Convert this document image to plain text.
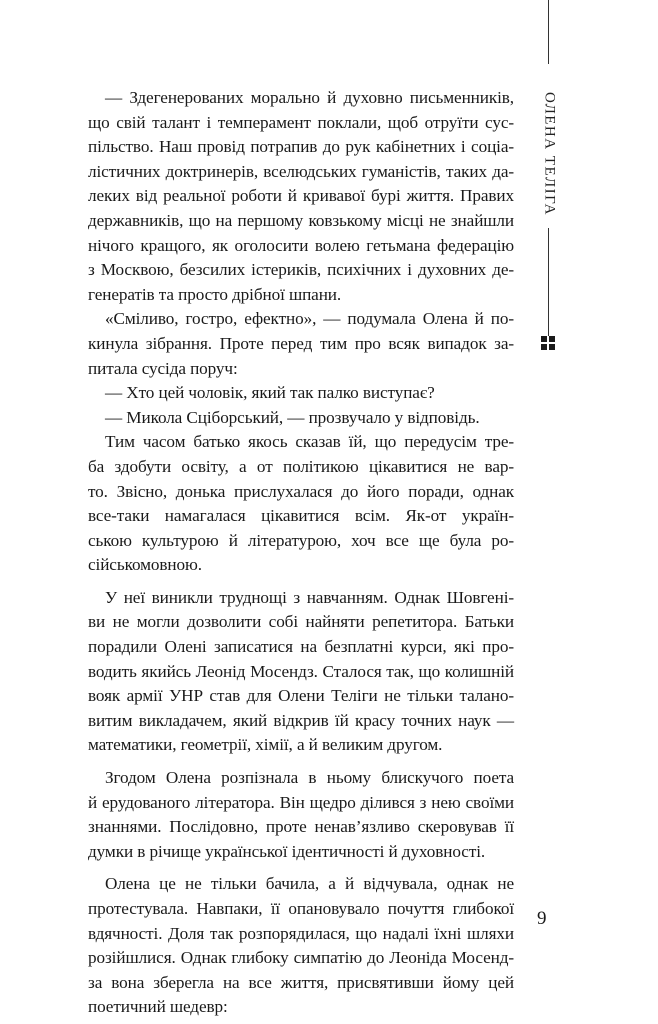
ОЛЕНА ТЕЛІГА
— Здегенерованих морально й духовно письменників,
що свій талант і темперамент поклали, щоб отруїти сус-
пільство. Наш провід потрапив до рук кабінетних і соціа-
лістичних доктринерів, вселюдських гуманістів, таких да-
леких від реальної роботи й кривавої бурі життя. Правих
державників, що на першому ковзькому місці не знайшли
нічого кращого, як оголосити волею гетьмана федерацію
з Москвою, безсилих істериків, психічних і духовних де-
генератів та просто дрібної шпани.
«Сміливо, гостро, ефектно», — подумала Олена й по-
кинула зібрання. Проте перед тим про всяк випадок за-
питала сусіда поруч:
— Хто цей чоловік, який так палко виступає?
— Микола Сціборський, — прозвучало у відповідь.
Тим часом батько якось сказав їй, що передусім тре-
ба здобути освіту, а от політикою цікавитися не вар-
то. Звісно, донька прислухалася до його поради, однак
все-таки намагалася цікавитися всім. Як-от україн-
ською культурою й літературою, хоч все ще була ро-
сійськомовною.
У неї виникли труднощі з навчанням. Однак Шовгені-
ви не могли дозволити собі найняти репетитора. Батьки
порадили Олені записатися на безплатні курси, які про-
водить якийсь Леонід Мосендз. Сталося так, що колишній
вояк армії УНР став для Олени Теліги не тільки талано-
витим викладачем, який відкрив їй красу точних наук —
математики, геометрії, хімії, а й великим другом.
Згодом Олена розпізнала в ньому блискучого поета
й ерудованого літератора. Він щедро ділився з нею своїми
знаннями. Послідовно, проте ненав’язливо скеровував її
думки в річище української ідентичності й духовності.
Олена це не тільки бачила, а й відчувала, однак не
протестувала. Навпаки, її опановувало почуття глибокої
вдячності. Доля так розпорядилася, що надалі їхні шляхи
розійшлися. Однак глибоку симпатію до Леоніда Мосенд-
за вона зберегла на все життя, присвятивши йому цей
поетичний шедевр:
9
